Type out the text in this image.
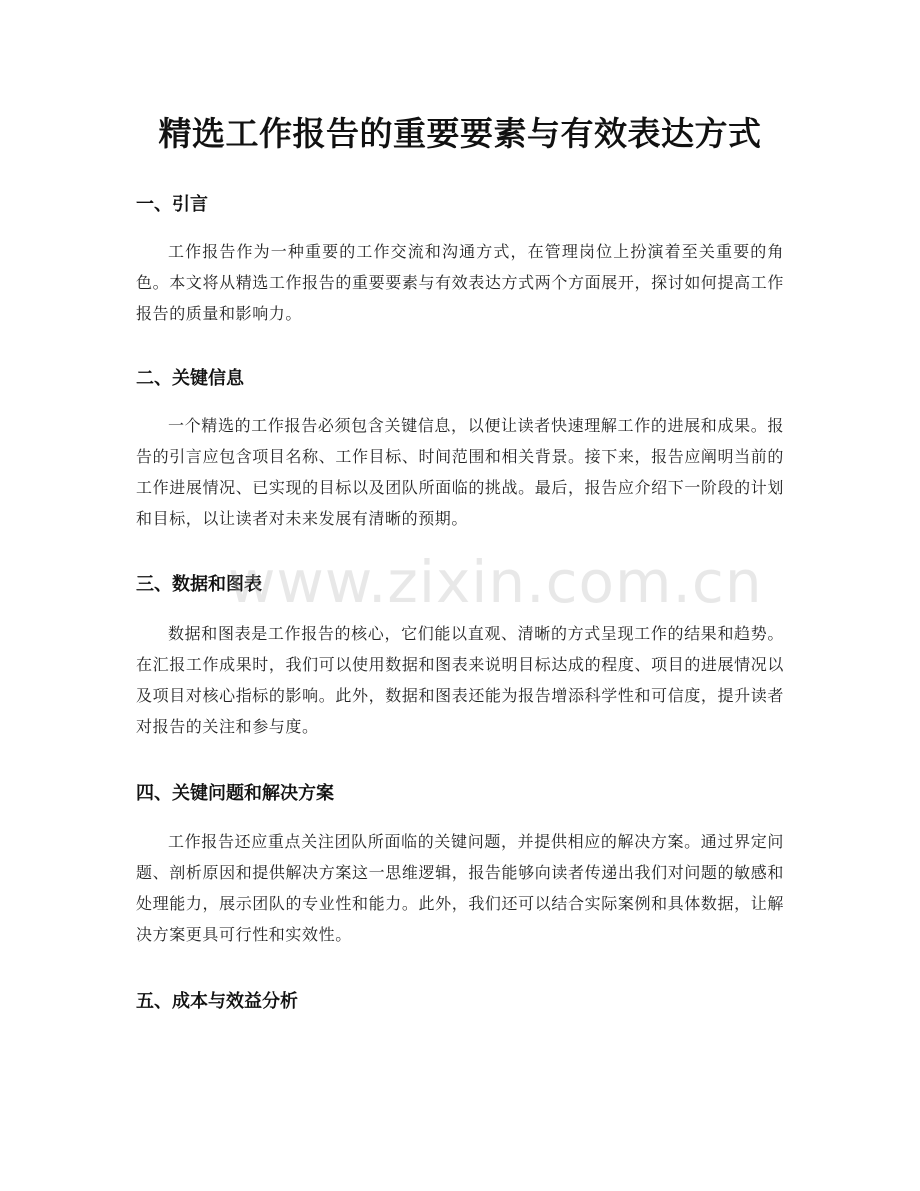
精选工作报告的重要要素与有效表达方式
一、引言

工作报告作为一种重要的工作交流和沟通方式，在管理岗位上扮演着至关重要的角色。本文将从精选工作报告的重要要素与有效表达方式两个方面展开，探讨如何提高工作报告的质量和影响力。

二、关键信息

一个精选的工作报告必须包含关键信息，以便让读者快速理解工作的进展和成果。报告的引言应包含项目名称、工作目标、时间范围和相关背景。接下来，报告应阐明当前的工作进展情况、已实现的目标以及团队所面临的挑战。最后，报告应介绍下一阶段的计划和目标，以让读者对未来发展有清晰的预期。

三、数据和图表

数据和图表是工作报告的核心，它们能以直观、清晰的方式呈现工作的结果和趋势。在汇报工作成果时，我们可以使用数据和图表来说明目标达成的程度、项目的进展情况以及项目对核心指标的影响。此外，数据和图表还能为报告增添科学性和可信度，提升读者对报告的关注和参与度。

四、关键问题和解决方案

工作报告还应重点关注团队所面临的关键问题，并提供相应的解决方案。通过界定问题、剖析原因和提供解决方案这一思维逻辑，报告能够向读者传递出我们对问题的敏感和处理能力，展示团队的专业性和能力。此外，我们还可以结合实际案例和具体数据，让解决方案更具可行性和实效性。

五、成本与效益分析
www.zixin.com.cn
